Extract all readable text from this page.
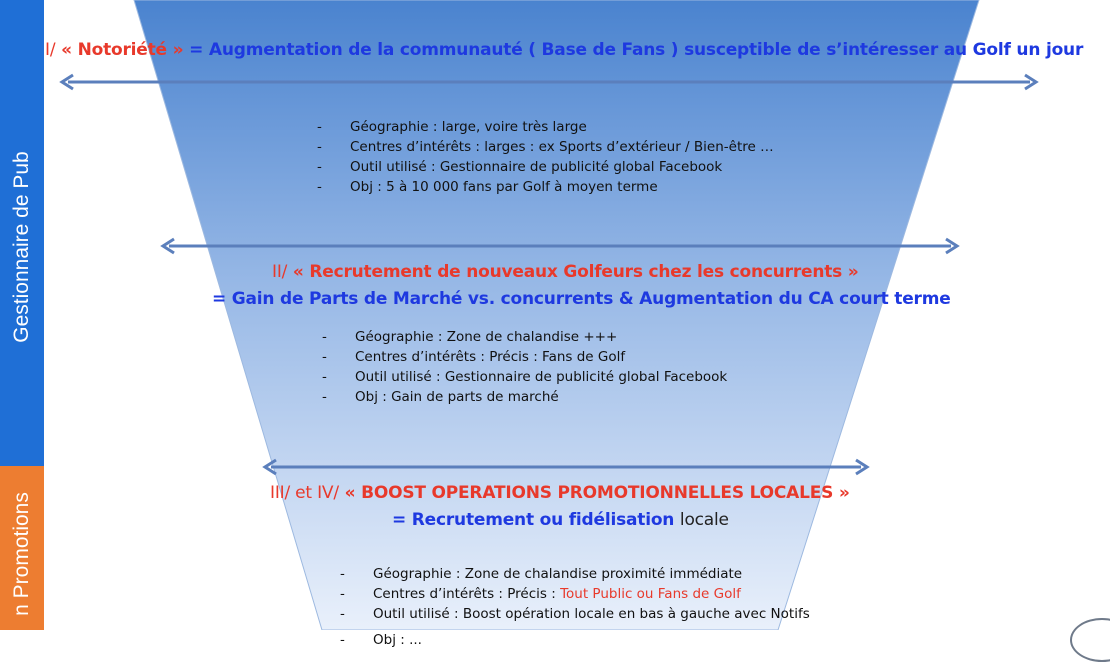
Gestionnaire de Pub
n Promotions
I/ « Notoriété » = Augmentation de la communauté ( Base de Fans ) susceptible de s’intéresser au Golf un jour
- Géographie : large, voire très large
- Centres d’intérêts : larges : ex Sports d’extérieur / Bien-être …
- Outil utilisé : Gestionnaire de publicité global Facebook
- Obj : 5 à 10 000 fans par Golf à moyen terme
II/ « Recrutement de nouveaux Golfeurs chez les concurrents »
= Gain de Parts de Marché vs. concurrents & Augmentation du CA court terme
- Géographie : Zone de chalandise +++
- Centres d’intérêts : Précis : Fans de Golf
- Outil utilisé : Gestionnaire de publicité global Facebook
- Obj : Gain de parts de marché
III/ et IV/ « BOOST OPERATIONS PROMOTIONNELLES LOCALES »
= Recrutement ou fidélisation locale
- Géographie : Zone de chalandise proximité immédiate
- Centres d’intérêts : Précis : Tout Public ou Fans de Golf
- Outil utilisé : Boost opération locale en bas à gauche avec Notifs
- Obj : ...
